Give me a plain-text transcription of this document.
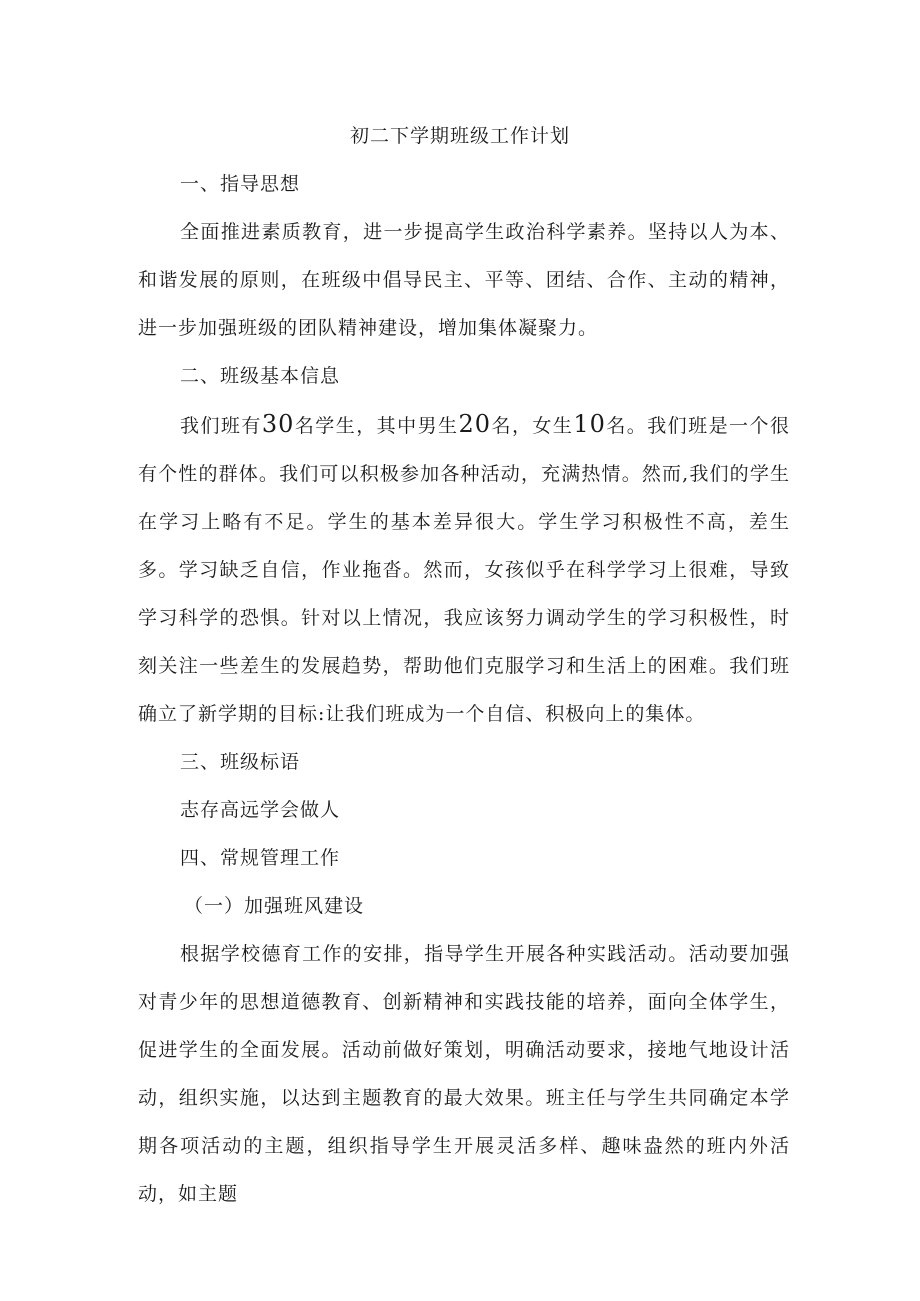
初二下学期班级工作计划

一、指导思想

全面推进素质教育，进一步提高学生政治科学素养。坚持以人为本、和谐发展的原则，在班级中倡导民主、平等、团结、合作、主动的精神，进一步加强班级的团队精神建设，增加集体凝聚力。

二、班级基本信息

我们班有30名学生，其中男生20名，女生10名。我们班是一个很有个性的群体。我们可以积极参加各种活动，充满热情。然而,我们的学生在学习上略有不足。学生的基本差异很大。学生学习积极性不高，差生多。学习缺乏自信，作业拖沓。然而，女孩似乎在科学学习上很难，导致学习科学的恐惧。针对以上情况，我应该努力调动学生的学习积极性，时刻关注一些差生的发展趋势，帮助他们克服学习和生活上的困难。我们班确立了新学期的目标:让我们班成为一个自信、积极向上的集体。

三、班级标语

志存高远学会做人

四、常规管理工作

（一）加强班风建设

根据学校德育工作的安排，指导学生开展各种实践活动。活动要加强对青少年的思想道德教育、创新精神和实践技能的培养，面向全体学生，促进学生的全面发展。活动前做好策划，明确活动要求，接地气地设计活动，组织实施，以达到主题教育的最大效果。班主任与学生共同确定本学期各项活动的主题，组织指导学生开展灵活多样、趣味盎然的班内外活动，如主题
